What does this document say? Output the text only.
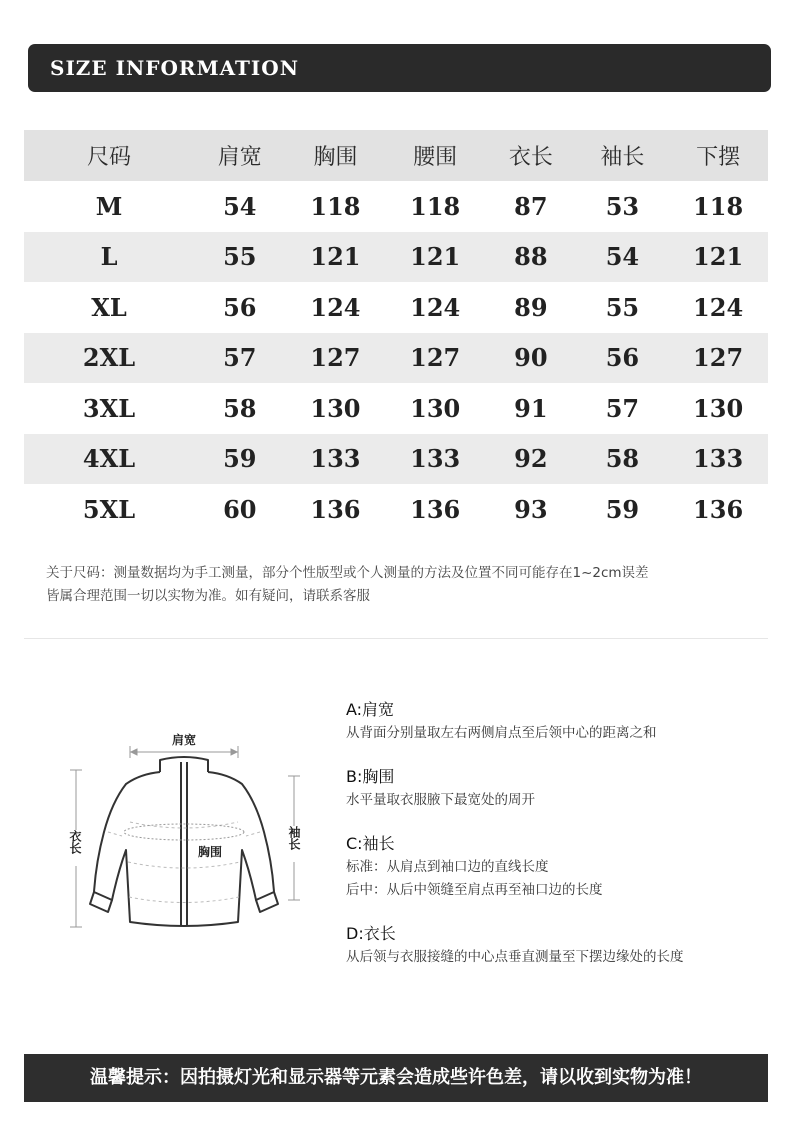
SIZE INFORMATION
尺码	肩宽	胸围	腰围	衣长	袖长	下摆
M	54	118	118	87	53	118
L	55	121	121	88	54	121
XL	56	124	124	89	55	124
2XL	57	127	127	90	56	127
3XL	58	130	130	91	57	130
4XL	59	133	133	92	58	133
5XL	60	136	136	93	59	136
关于尺码：测量数据均为手工测量，部分个性版型或个人测量的方法及位置不同可能存在1~2cm误差
皆属合理范围一切以实物为准。如有疑问，请联系客服
肩宽
衣长	袖长
胸围
A:肩宽
从背面分别量取左右两侧肩点至后领中心的距离之和
B:胸围
水平量取衣服腋下最宽处的周开
C:袖长
标准：从肩点到袖口边的直线长度
后中：从后中领缝至肩点再至袖口边的长度
D:衣长
从后领与衣服接缝的中心点垂直测量至下摆边缘处的长度
温馨提示：因拍摄灯光和显示器等元素会造成些许色差，请以收到实物为准！
